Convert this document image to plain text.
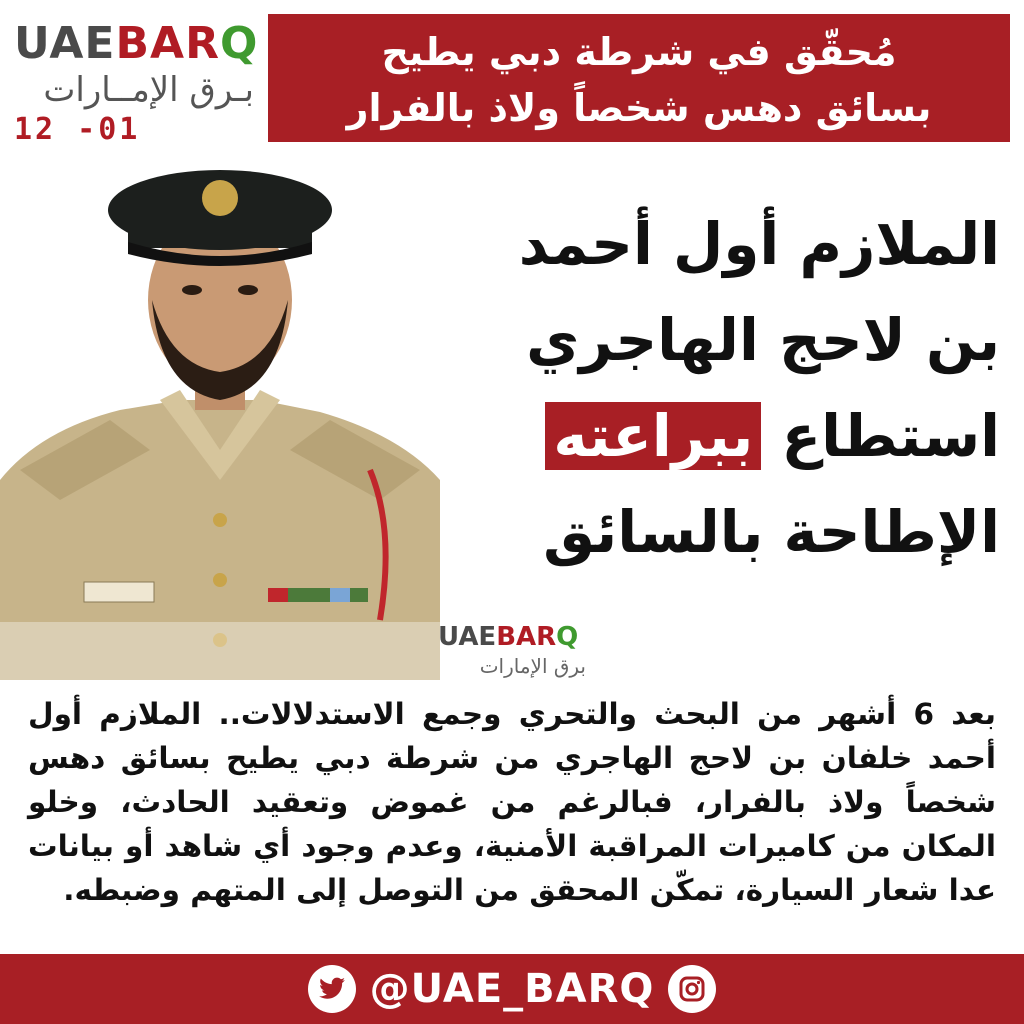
UAEBARQ
بـرق الإمــارات
12 -01
مُحقّق في شرطة دبي يطيح
بسائق دهس شخصاً ولاذ بالفرار
الملازم أول أحمد
بن لاحج الهاجري
استطاع ببراعته
الإطاحة بالسائق
UAEBARQ
برق الإمارات
بعد 6 أشهر من البحث والتحري وجمع الاستدلالات.. الملازم أول أحمد خلفان بن لاحج الهاجري من شرطة دبي يطيح بسائق دهس شخصاً ولاذ بالفرار، فبالرغم من غموض وتعقيد الحادث، وخلو المكان من كاميرات المراقبة الأمنية، وعدم وجود أي شاهد أو بيانات عدا شعار السيارة، تمكّن المحقق من التوصل إلى المتهم وضبطه.
@UAE_BARQ
